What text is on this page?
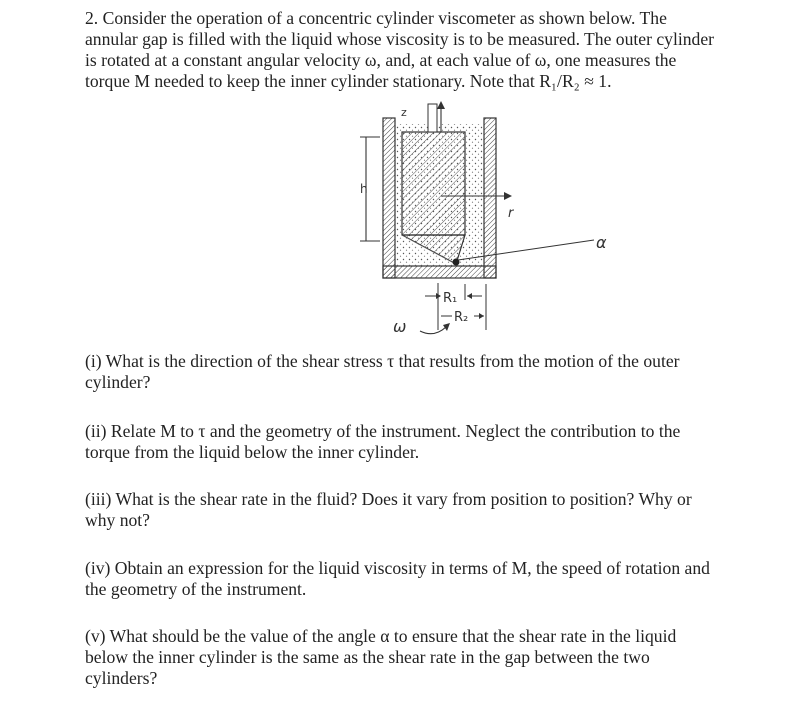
2. Consider the operation of a concentric cylinder viscometer as shown below. The
annular gap is filled with the liquid whose viscosity is to be measured. The outer cylinder
is rotated at a constant angular velocity ω, and, at each value of ω, one measures the
torque M needed to keep the inner cylinder stationary. Note that R₁/R₂ ≈ 1.
h
z
r
α
R₁
R₂
ω
(i) What is the direction of the shear stress τ that results from the motion of the outer
cylinder?
(ii) Relate M to τ and the geometry of the instrument. Neglect the contribution to the
torque from the liquid below the inner cylinder.
(iii) What is the shear rate in the fluid? Does it vary from position to position? Why or
why not?
(iv) Obtain an expression for the liquid viscosity in terms of M, the speed of rotation and
the geometry of the instrument.
(v) What should be the value of the angle α to ensure that the shear rate in the liquid
below the inner cylinder is the same as the shear rate in the gap between the two
cylinders?
